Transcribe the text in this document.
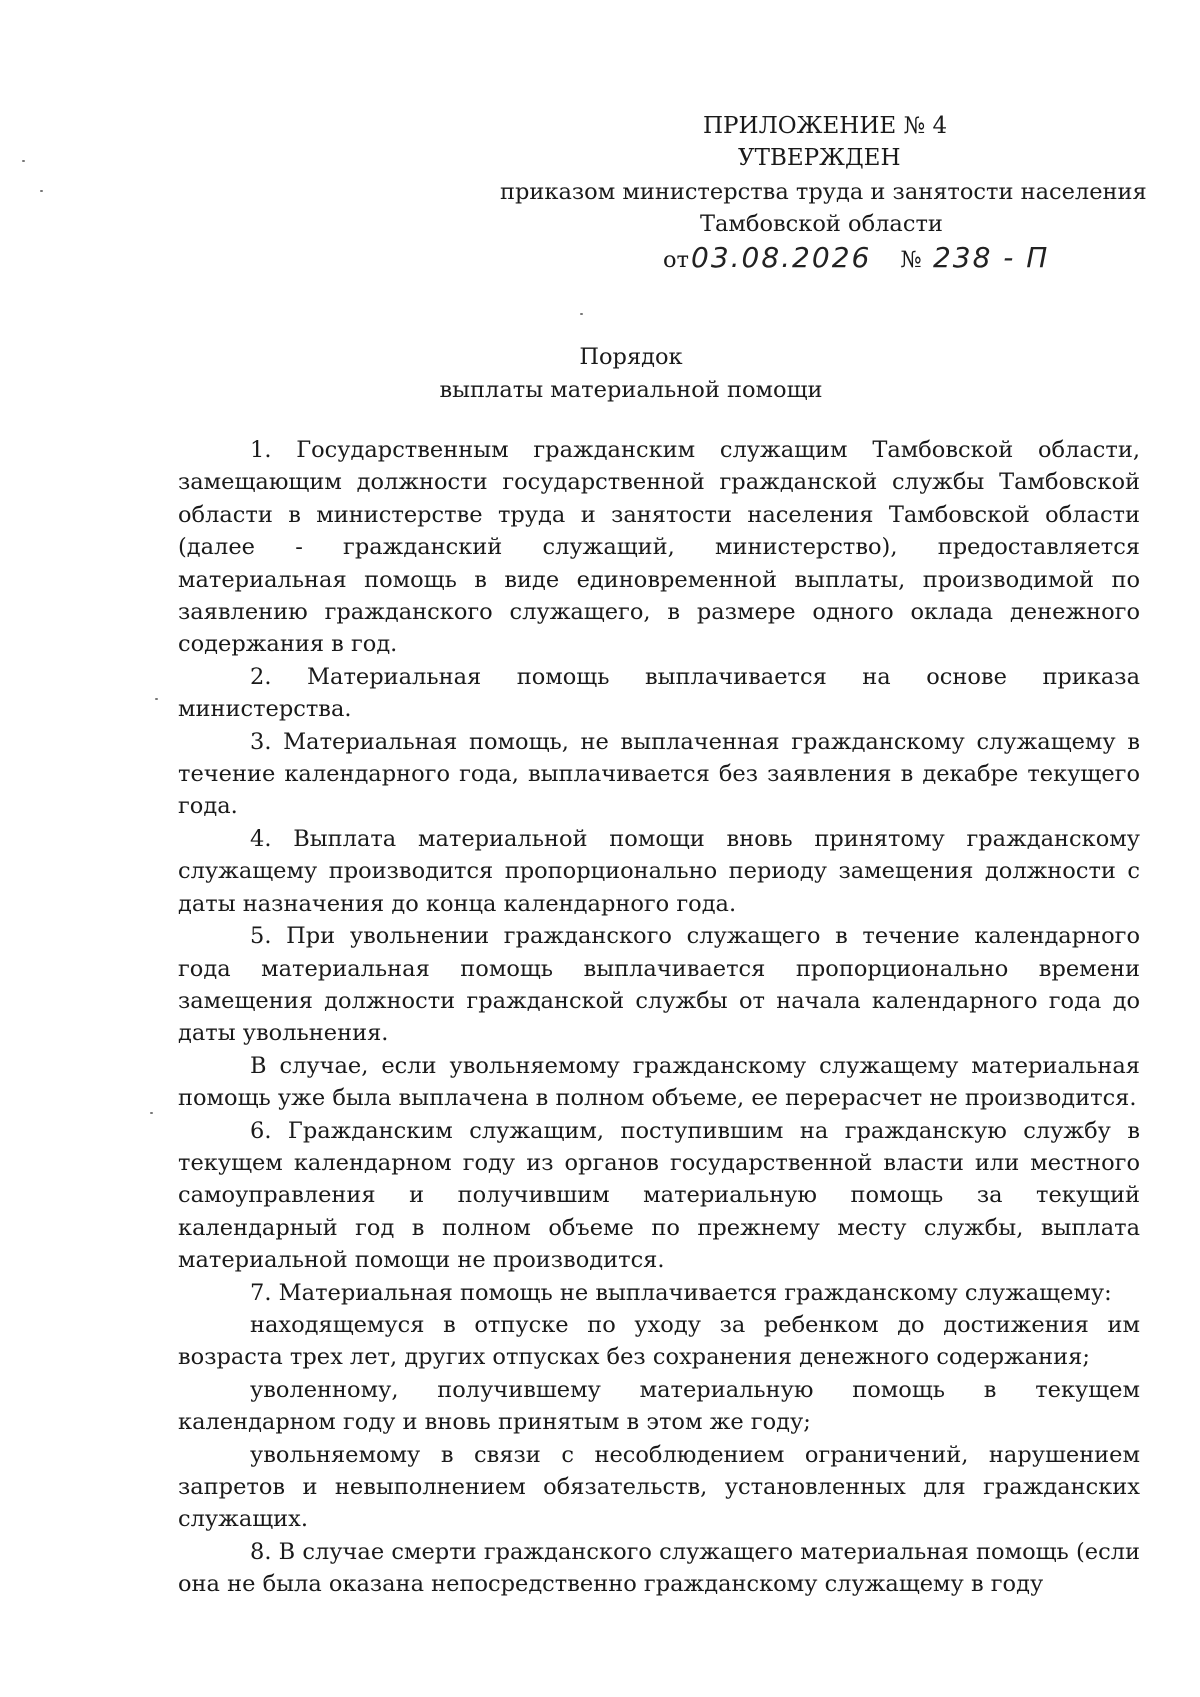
ПРИЛОЖЕНИЕ № 4
УТВЕРЖДЕН
приказом министерства труда и занятости населения
Тамбовской области
от03.08.2026 № 238 - П
Порядок
выплаты материальной помощи

1. Государственным гражданским служащим Тамбовской области, замещающим должности государственной гражданской службы Тамбовской области в министерстве труда и занятости населения Тамбовской области (далее - гражданский служащий, министерство), предоставляется материальная помощь в виде единовременной выплаты, производимой по заявлению гражданского служащего, в размере одного оклада денежного содержания в год.

2. Материальная помощь выплачивается на основе приказа министерства.

3. Материальная помощь, не выплаченная гражданскому служащему в течение календарного года, выплачивается без заявления в декабре текущего года.

4. Выплата материальной помощи вновь принятому гражданскому служащему производится пропорционально периоду замещения должности с даты назначения до конца календарного года.

5. При увольнении гражданского служащего в течение календарного года материальная помощь выплачивается пропорционально времени замещения должности гражданской службы от начала календарного года до даты увольнения.

В случае, если увольняемому гражданскому служащему материальная помощь уже была выплачена в полном объеме, ее перерасчет не производится.

6. Гражданским служащим, поступившим на гражданскую службу в текущем календарном году из органов государственной власти или местного самоуправления и получившим материальную помощь за текущий календарный год в полном объеме по прежнему месту службы, выплата материальной помощи не производится.

7. Материальная помощь не выплачивается гражданскому служащему:

находящемуся в отпуске по уходу за ребенком до достижения им возраста трех лет, других отпусках без сохранения денежного содержания;

уволенному, получившему материальную помощь в текущем календарном году и вновь принятым в этом же году;

увольняемому в связи с несоблюдением ограничений, нарушением запретов и невыполнением обязательств, установленных для гражданских служащих.

8. В случае смерти гражданского служащего материальная помощь (если она не была оказана непосредственно гражданскому служащему в году
